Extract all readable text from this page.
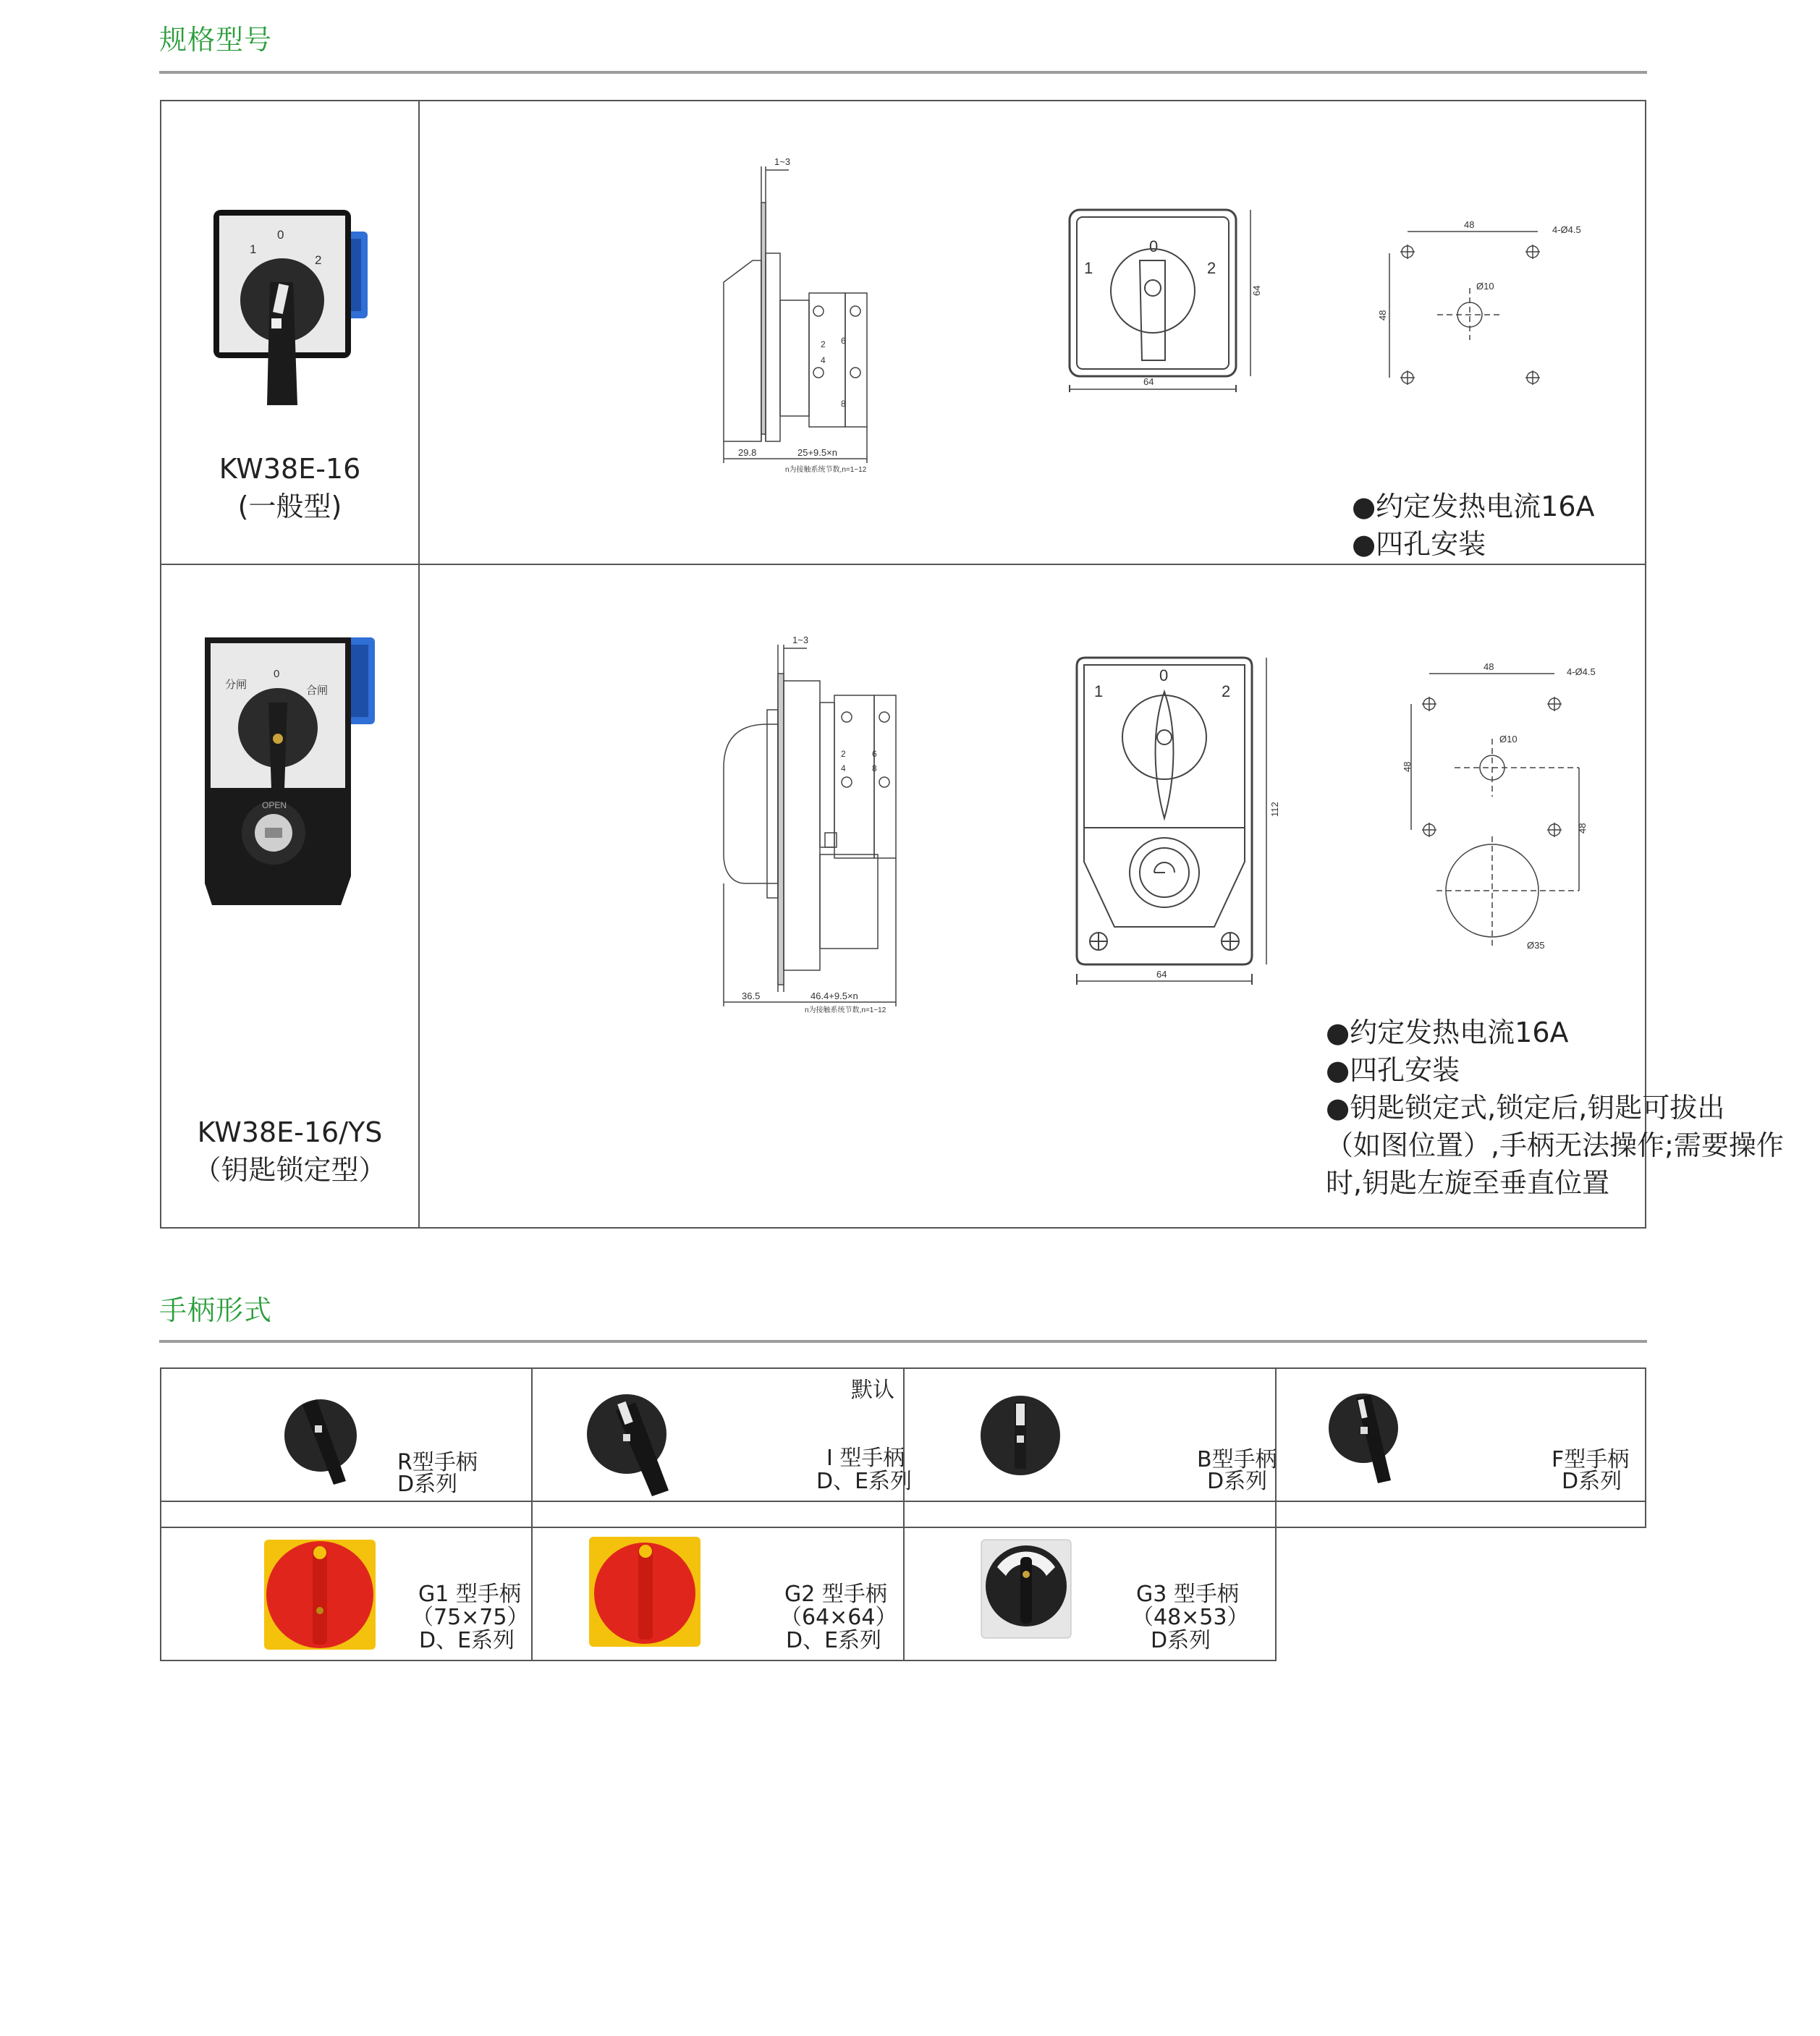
规格型号
1
0
2
KW38E-16
(一般型)
1~3
2 6
4
8
29.8	25+9.5×n
n为接触系统节数,n=1~12
1
0
2
64
64
48	4-Ø4.5
48
Ø10
●约定发热电流16A
●四孔安装
分闸
0
合闸
OPEN
KW38E-16/YS
（钥匙锁定型）
1~3
2	6
4	8
36.5	46.4+9.5×n
n为接触系统节数,n=1~12
1
0
2
64
112
48	4-Ø4.5
48
48
Ø10
Ø35
●约定发热电流16A
●四孔安装
●钥匙锁定式,锁定后,钥匙可拔出
（如图位置）,手柄无法操作;需要操作
时,钥匙左旋至垂直位置
手柄形式
R型手柄
D系列
默认
I 型手柄
D、E系列
B型手柄
D系列
F型手柄
D系列
G1 型手柄
（75×75）
D、E系列
G2 型手柄
（64×64）
D、E系列
G3 型手柄
（48×53）
D系列
